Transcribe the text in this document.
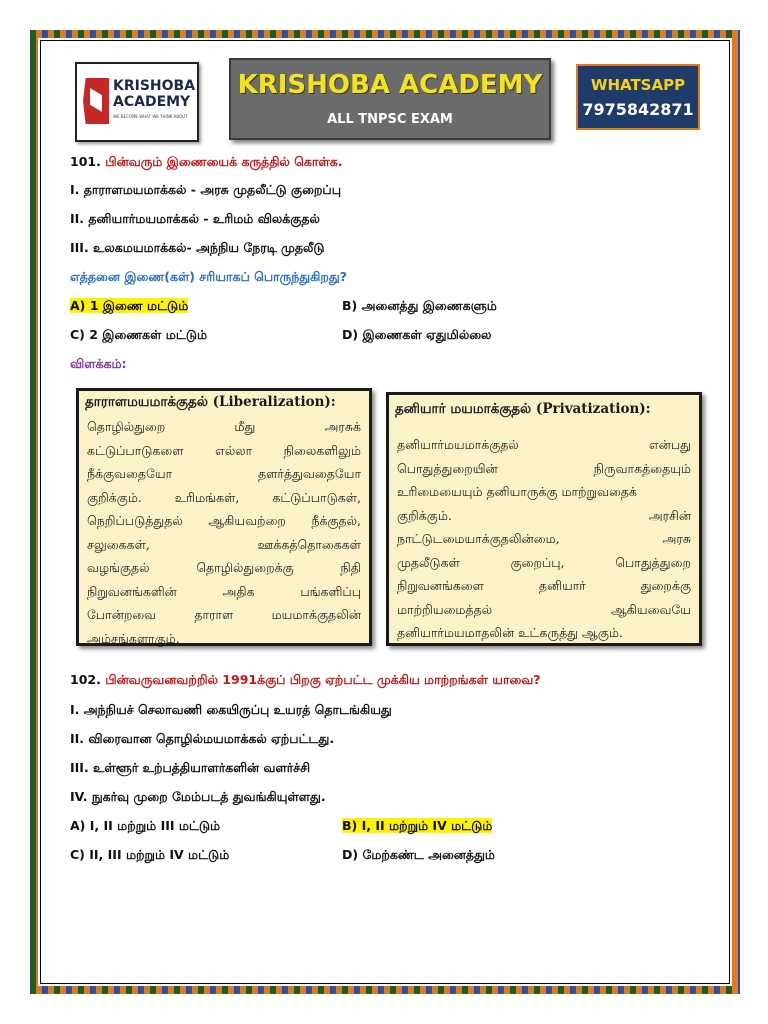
KRISHOBA
ACADEMY
WE BECOME WHAT WE THINK ABOUT
KRISHOBA ACADEMY
ALL TNPSC EXAM
WHATSAPP
7975842871
101. பின்வரும் இணையைக் கருத்தில் கொள்க.
I. தாராளமயமாக்கல் - அரசு முதலீட்டு குறைப்பு
II. தனியார்மயமாக்கல் - உரிமம் விலக்குதல்
III. உலகமயமாக்கல்- அந்நிய நேரடி முதலீடு
எத்தனை இணை(கள்) சரியாகப் பொருந்துகிறது?
A) 1 இணை மட்டும்	B) அனைத்து இணைகளும்
C) 2 இணைகள் மட்டும்	D) இணைகள் ஏதுமில்லை
விளக்கம்:
தாராளமயமாக்குதல் (Liberalization):
தொழில்துறை	மீது	அரசுக்
கட்டுப்பாடுகளை	எல்லா	நிலைகளிலும்
நீக்குவதையோ	தளர்த்துவதையோ
குறிக்கும்.	உரிமங்கள்,	கட்டுப்பாடுகள்,
நெறிப்படுத்துதல் ஆகியவற்றை நீக்குதல்,
சலுகைகள்,	ஊக்கத்தொகைகள்
வழங்குதல்	தொழில்துறைக்கு	நிதி
நிறுவனங்களின்	அதிக	பங்களிப்பு
போன்றவை	தாராள	மயமாக்குதலின்
அம்சங்களாகும்.
தனியார் மயமாக்குதல் (Privatization):
தனியார்மயமாக்குதல்	என்பது
பொதுத்துறையின்	நிருவாகத்தையும்
உரிமையையும் தனியாருக்கு மாற்றுவதைக்
குறிக்கும்.	அரசின்
நாட்டுடமையாக்குதலின்மை,	அரசு
முதலீடுகள்	குறைப்பு,	பொதுத்துறை
நிறுவனங்களை	தனியார்	துறைக்கு
மாற்றியமைத்தல்	ஆகியவையே
தனியார்மயமாதலின் உட்கருத்து ஆகும்.
102. பின்வருவனவற்றில் 1991க்குப் பிறகு ஏற்பட்ட முக்கிய மாற்றங்கள் யாவை?
I. அந்நியச் செலாவணி கையிருப்பு உயரத் தொடங்கியது
II. விரைவான தொழில்மயமாக்கல் ஏற்பட்டது.
III. உள்ளூர் உற்பத்தியாளர்களின் வளர்ச்சி
IV. நுகர்வு முறை மேம்படத் துவங்கியுள்ளது.
A) I, II மற்றும் III மட்டும்	B) I, II மற்றும் IV மட்டும்
C) II, III மற்றும் IV மட்டும்	D) மேற்கண்ட அனைத்தும்
